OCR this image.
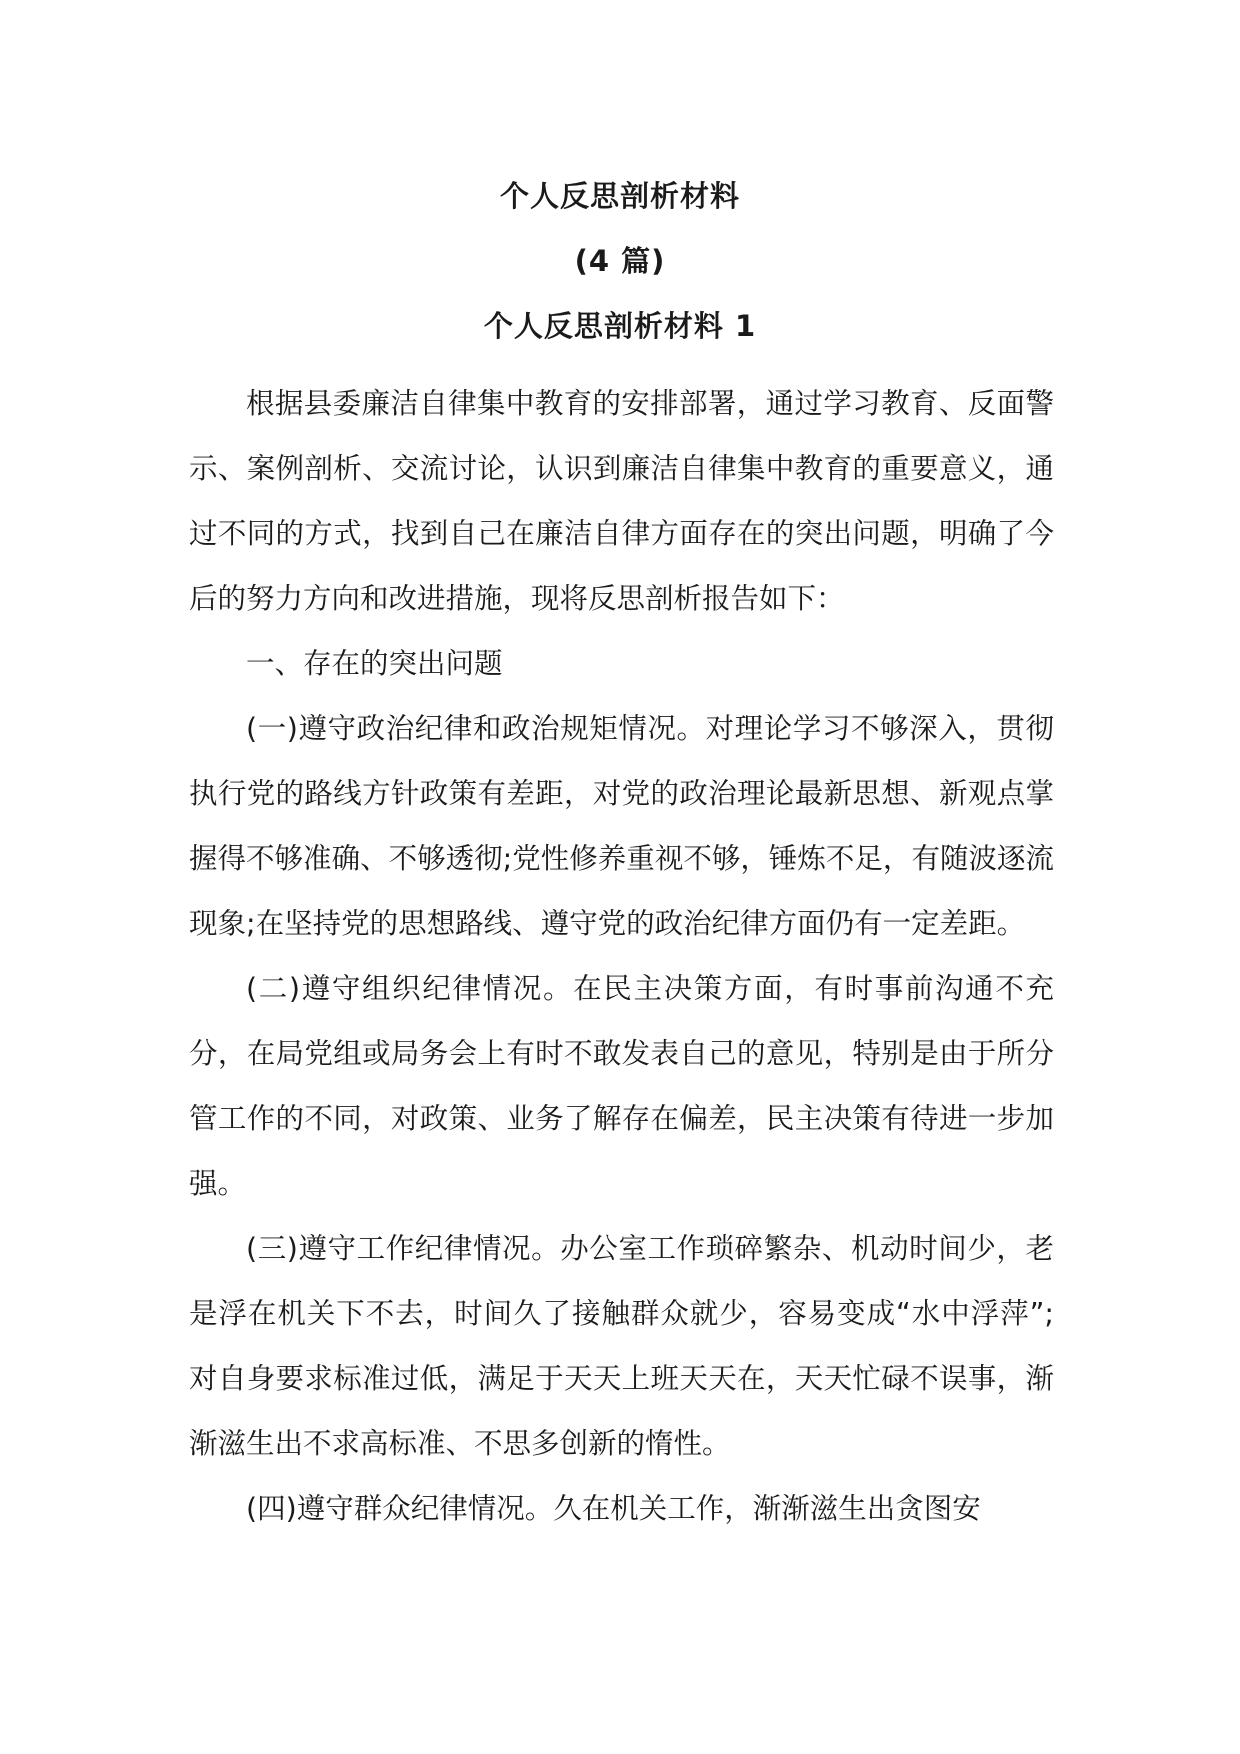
个人反思剖析材料
(4 篇)
个人反思剖析材料 1

根据县委廉洁自律集中教育的安排部署，通过学习教育、反面警示、案例剖析、交流讨论，认识到廉洁自律集中教育的重要意义，通过不同的方式，找到自己在廉洁自律方面存在的突出问题，明确了今后的努力方向和改进措施，现将反思剖析报告如下：

一、存在的突出问题

(一)遵守政治纪律和政治规矩情况。对理论学习不够深入，贯彻执行党的路线方针政策有差距，对党的政治理论最新思想、新观点掌握得不够准确、不够透彻;党性修养重视不够，锤炼不足，有随波逐流现象;在坚持党的思想路线、遵守党的政治纪律方面仍有一定差距。

(二)遵守组织纪律情况。在民主决策方面，有时事前沟通不充分，在局党组或局务会上有时不敢发表自己的意见，特别是由于所分管工作的不同，对政策、业务了解存在偏差，民主决策有待进一步加强。

(三)遵守工作纪律情况。办公室工作琐碎繁杂、机动时间少，老是浮在机关下不去，时间久了接触群众就少，容易变成“水中浮萍”;对自身要求标准过低，满足于天天上班天天在，天天忙碌不误事，渐渐滋生出不求高标准、不思多创新的惰性。

(四)遵守群众纪律情况。久在机关工作，渐渐滋生出贪图安
